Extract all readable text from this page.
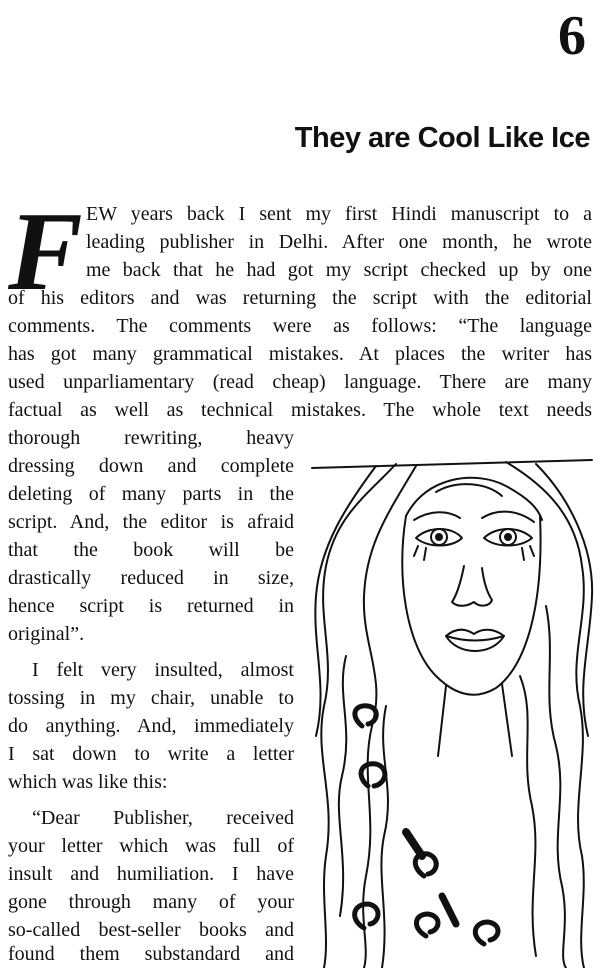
6
They are Cool Like Ice
F EW years back I sent my first Hindi manuscript to a
leading publisher in Delhi. After one month, he wrote
me back that he had got my script checked up by one
of his editors and was returning the script with the editorial
comments. The comments were as follows: “The language
has got many grammatical mistakes. At places the writer has
used unparliamentary (read cheap) language. There are many
factual as well as technical mistakes. The whole text needs
thorough rewriting, heavy
dressing down and complete
deleting of many parts in the
script. And, the editor is afraid
that the book will be
drastically reduced in size,
hence script is returned in
original”.
I felt very insulted, almost
tossing in my chair, unable to
do anything. And, immediately
I sat down to write a letter
which was like this:
“Dear Publisher, received
your letter which was full of
insult and humiliation. I have
gone through many of your
so-called best-seller books and
found them substandard and
